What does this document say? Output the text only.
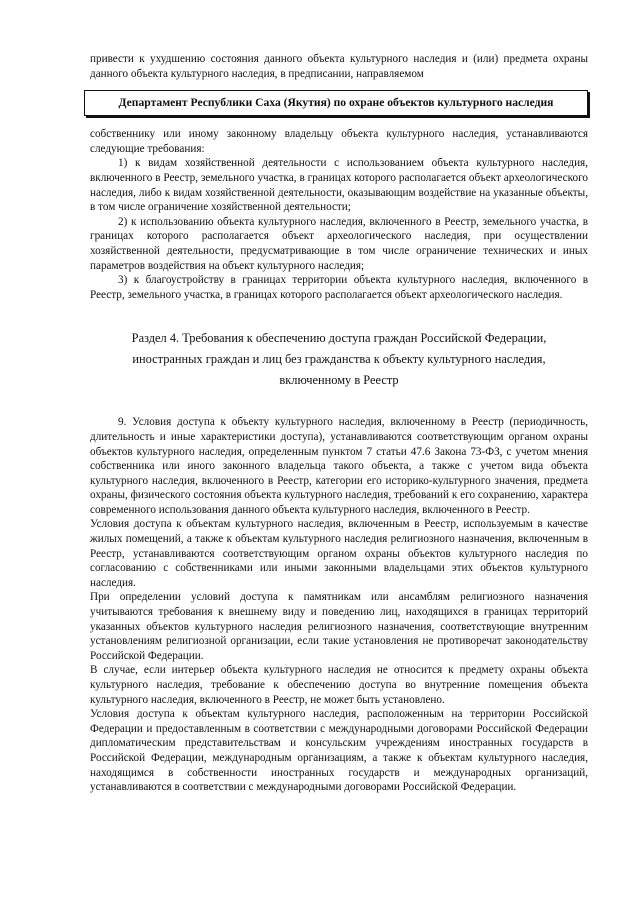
привести к ухудшению состояния данного объекта культурного наследия и (или) предмета охраны данного объекта культурного наследия, в предписании, направляемом

Департамент Республики Саха (Якутия) по охране объектов культурного наследия

собственнику или иному законному владельцу объекта культурного наследия, устанавливаются следующие требования:

1) к видам хозяйственной деятельности с использованием объекта культурного наследия, включенного в Реестр, земельного участка, в границах которого располагается объект археологического наследия, либо к видам хозяйственной деятельности, оказывающим воздействие на указанные объекты, в том числе ограничение хозяйственной деятельности;

2) к использованию объекта культурного наследия, включенного в Реестр, земельного участка, в границах которого располагается объект археологического наследия, при осуществлении хозяйственной деятельности, предусматривающие в том числе ограничение технических и иных параметров воздействия на объект культурного наследия;

3) к благоустройству в границах территории объекта культурного наследия, включенного в Реестр, земельного участка, в границах которого располагается объект археологического наследия.

Раздел 4. Требования к обеспечению доступа граждан Российской Федерации,
иностранных граждан и лиц без гражданства к объекту культурного наследия,
включенному в Реестр

9. Условия доступа к объекту культурного наследия, включенному в Реестр (периодичность, длительность и иные характеристики доступа), устанавливаются соответствующим органом охраны объектов культурного наследия, определенным пунктом 7 статьи 47.6 Закона 73-ФЗ, с учетом мнения собственника или иного законного владельца такого объекта, а также с учетом вида объекта культурного наследия, включенного в Реестр, категории его историко-культурного значения, предмета охраны, физического состояния объекта культурного наследия, требований к его сохранению, характера современного использования данного объекта культурного наследия, включенного в Реестр.

Условия доступа к объектам культурного наследия, включенным в Реестр, используемым в качестве жилых помещений, а также к объектам культурного наследия религиозного назначения, включенным в Реестр, устанавливаются соответствующим органом охраны объектов культурного наследия по согласованию с собственниками или иными законными владельцами этих объектов культурного наследия.

При определении условий доступа к памятникам или ансамблям религиозного назначения учитываются требования к внешнему виду и поведению лиц, находящихся в границах территорий указанных объектов культурного наследия религиозного назначения, соответствующие внутренним установлениям религиозной организации, если такие установления не противоречат законодательству Российской Федерации.

В случае, если интерьер объекта культурного наследия не относится к предмету охраны объекта культурного наследия, требование к обеспечению доступа во внутренние помещения объекта культурного наследия, включенного в Реестр, не может быть установлено.

Условия доступа к объектам культурного наследия, расположенным на территории Российской Федерации и предоставленным в соответствии с международными договорами Российской Федерации дипломатическим представительствам и консульским учреждениям иностранных государств в Российской Федерации, международным организациям, а также к объектам культурного наследия, находящимся в собственности иностранных государств и международных организаций, устанавливаются в соответствии с международными договорами Российской Федерации.
